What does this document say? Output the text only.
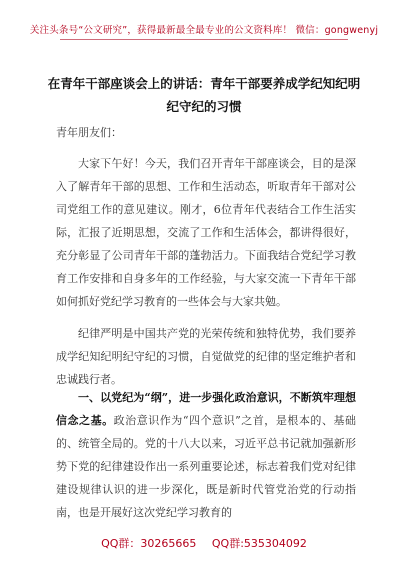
关注头条号“公文研究”，获得最新最全最专业的公文资料库！ 微信：gongwenyj
在青年干部座谈会上的讲话：青年干部要养成学纪知纪明
纪守纪的习惯
青年朋友们：

大家下午好！今天，我们召开青年干部座谈会，目的是深入了解青年干部的思想、工作和生活动态，听取青年干部对公司党组工作的意见建议。刚才，6位青年代表结合工作生活实际，汇报了近期思想，交流了工作和生活体会，都讲得很好，充分彰显了公司青年干部的蓬勃活力。下面我结合党纪学习教育工作安排和自身多年的工作经验，与大家交流一下青年干部如何抓好党纪学习教育的一些体会与大家共勉。

纪律严明是中国共产党的光荣传统和独特优势，我们要养成学纪知纪明纪守纪的习惯，自觉做党的纪律的坚定维护者和忠诚践行者。

一、以党纪为“纲”，进一步强化政治意识，不断筑牢理想信念之基。政治意识作为“四个意识”之首，是根本的、基础的、统管全局的。党的十八大以来，习近平总书记就加强新形势下党的纪律建设作出一系列重要论述，标志着我们党对纪律建设规律认识的进一步深化，既是新时代管党治党的行动指南，也是开展好这次党纪学习教育的

QQ群：30265665 QQ群:535304092
